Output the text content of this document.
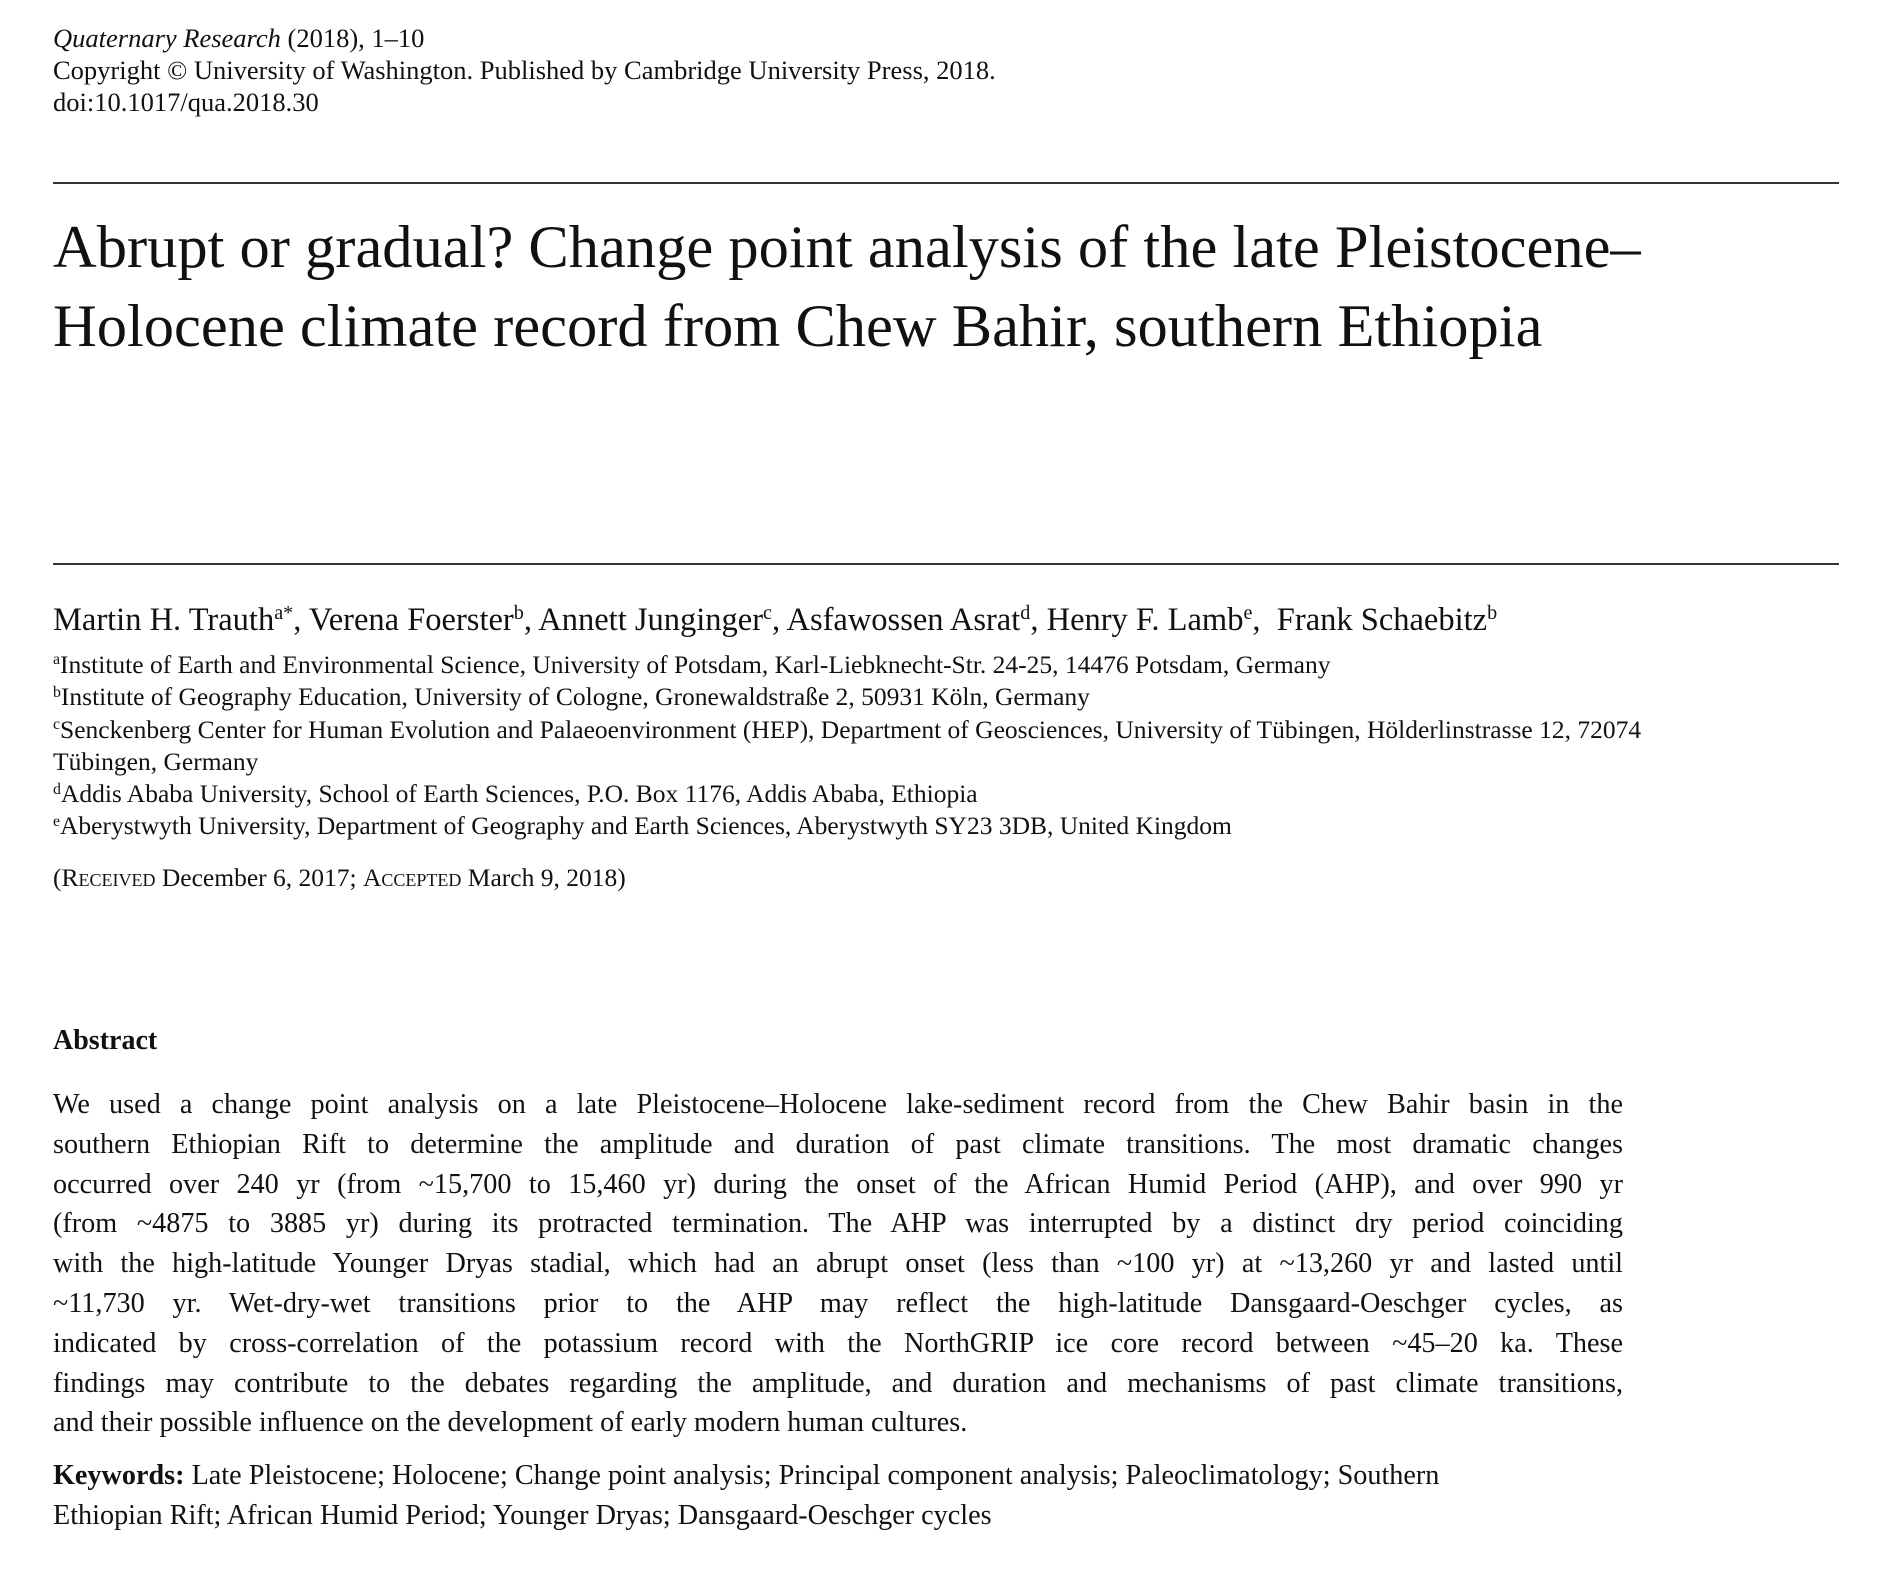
Quaternary Research (2018), 1–10
Copyright © University of Washington. Published by Cambridge University Press, 2018.
doi:10.1017/qua.2018.30
Abrupt or gradual? Change point analysis of the late Pleistocene–
Holocene climate record from Chew Bahir, southern Ethiopia
Martin H. Trauth$^{a*}$, Verena Foerster$^b$, Annett Junginger$^c$, Asfawossen Asrat$^d$, Henry F. Lamb$^e$,  Frank Schaebitz$^b$
$^a$Institute of Earth and Environmental Science, University of Potsdam, Karl-Liebknecht-Str. 24-25, 14476 Potsdam, Germany
$^b$Institute of Geography Education, University of Cologne, Gronewaldstraße 2, 50931 Köln, Germany
$^c$Senckenberg Center for Human Evolution and Palaeoenvironment (HEP), Department of Geosciences, University of Tübingen, Hölderlinstrasse 12, 72074
Tübingen, Germany
$^d$Addis Ababa University, School of Earth Sciences, P.O. Box 1176, Addis Ababa, Ethiopia
$^e$Aberystwyth University, Department of Geography and Earth Sciences, Aberystwyth SY23 3DB, United Kingdom
(Received December 6, 2017; Accepted March 9, 2018)
Abstract

We used a change point analysis on a late Pleistocene–Holocene lake-sediment record from the Chew Bahir basin in the
southern Ethiopian Rift to determine the amplitude and duration of past climate transitions. The most dramatic changes
occurred over 240 yr (from ~15,700 to 15,460 yr) during the onset of the African Humid Period (AHP), and over 990 yr
(from ~4875 to 3885 yr) during its protracted termination. The AHP was interrupted by a distinct dry period coinciding
with the high-latitude Younger Dryas stadial, which had an abrupt onset (less than ~100 yr) at ~13,260 yr and lasted until
~11,730 yr. Wet-dry-wet transitions prior to the AHP may reflect the high-latitude Dansgaard-Oeschger cycles, as
indicated by cross-correlation of the potassium record with the NorthGRIP ice core record between ~45–20 ka. These
findings may contribute to the debates regarding the amplitude, and duration and mechanisms of past climate transitions,
and their possible influence on the development of early modern human cultures.

Keywords: Late Pleistocene; Holocene; Change point analysis; Principal component analysis; Paleoclimatology; Southern
Ethiopian Rift; African Humid Period; Younger Dryas; Dansgaard-Oeschger cycles
